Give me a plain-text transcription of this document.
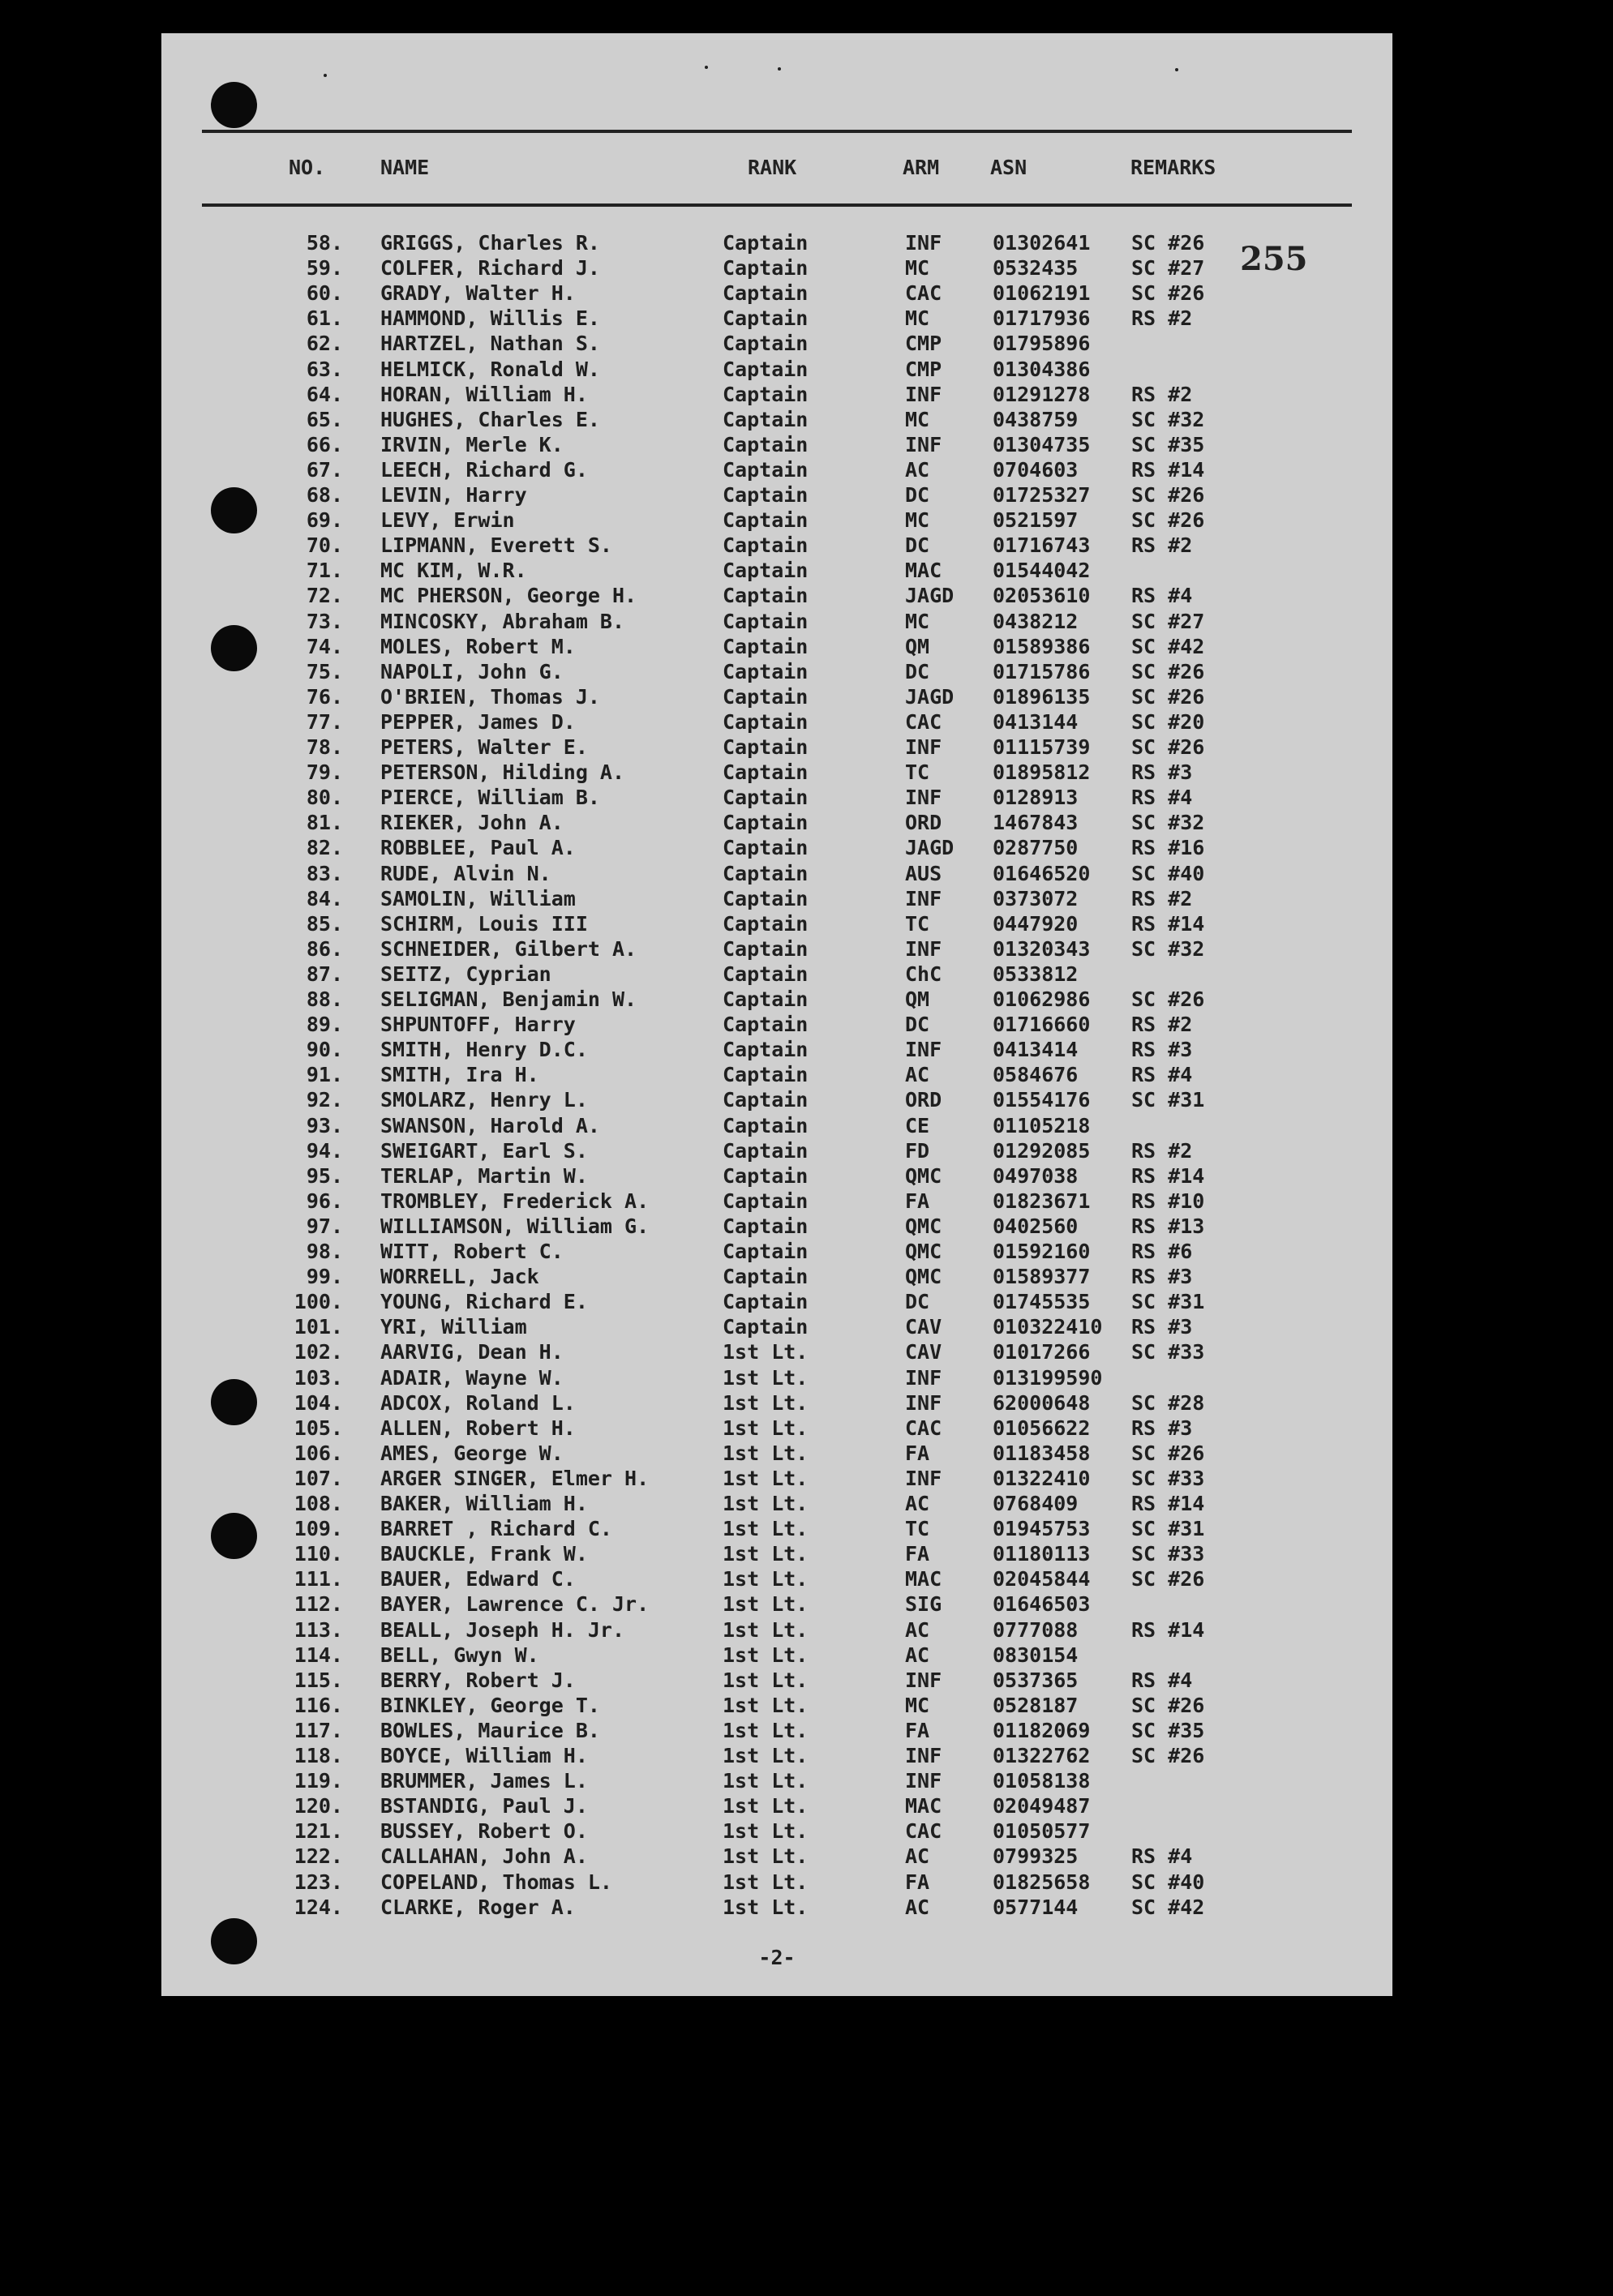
NO.	NAME	RANK	ARM	ASN	REMARKS
255
58. GRIGGS, Charles R.	Captain	INF	01302641 SC #26
59. COLFER, Richard J.	Captain	MC	0532435	SC #27
60. GRADY, Walter H.	Captain	CAC	01062191 SC #26
61. HAMMOND, Willis E.	Captain	MC	01717936 RS #2
62. HARTZEL, Nathan S.	Captain	CMP	01795896
63. HELMICK, Ronald W.	Captain	CMP	01304386
64. HORAN, William H.	Captain	INF	01291278 RS #2
65. HUGHES, Charles E.	Captain	MC	0438759	SC #32
66. IRVIN, Merle K.	Captain	INF	01304735 SC #35
67. LEECH, Richard G.	Captain	AC	0704603	RS #14
68. LEVIN, Harry	Captain	DC	01725327 SC #26
69. LEVY, Erwin	Captain	MC	0521597	SC #26
70. LIPMANN, Everett S.	Captain	DC	01716743 RS #2
71. MC KIM, W.R.	Captain	MAC	01544042
72. MC PHERSON, George H.	Captain	JAGD 02053610 RS #4
73. MINCOSKY, Abraham B.	Captain	MC	0438212	SC #27
74. MOLES, Robert M.	Captain	QM	01589386 SC #42
75. NAPOLI, John G.	Captain	DC	01715786 SC #26
76. O'BRIEN, Thomas J.	Captain	JAGD 01896135 SC #26
77. PEPPER, James D.	Captain	CAC	0413144	SC #20
78. PETERS, Walter E.	Captain	INF	01115739 SC #26
79. PETERSON, Hilding A.	Captain	TC	01895812 RS #3
80. PIERCE, William B.	Captain	INF	0128913	RS #4
81. RIEKER, John A.	Captain	ORD	1467843	SC #32
82. ROBBLEE, Paul A.	Captain	JAGD 0287750	RS #16
83. RUDE, Alvin N.	Captain	AUS	01646520 SC #40
84. SAMOLIN, William	Captain	INF	0373072	RS #2
85. SCHIRM, Louis III	Captain	TC	0447920	RS #14
86. SCHNEIDER, Gilbert A.	Captain	INF	01320343 SC #32
87. SEITZ, Cyprian	Captain	ChC	0533812
88. SELIGMAN, Benjamin W.	Captain	QM	01062986 SC #26
89. SHPUNTOFF, Harry	Captain	DC	01716660 RS #2
90. SMITH, Henry D.C.	Captain	INF	0413414	RS #3
91. SMITH, Ira H.	Captain	AC	0584676	RS #4
92. SMOLARZ, Henry L.	Captain	ORD	01554176 SC #31
93. SWANSON, Harold A.	Captain	CE	01105218
94. SWEIGART, Earl S.	Captain	FD	01292085 RS #2
95. TERLAP, Martin W.	Captain	QMC	0497038	RS #14
96. TROMBLEY, Frederick A.	Captain	FA	01823671 RS #10
97. WILLIAMSON, William G.	Captain	QMC	0402560	RS #13
98. WITT, Robert C.	Captain	QMC	01592160 RS #6
99. WORRELL, Jack	Captain	QMC	01589377 RS #3
100. YOUNG, Richard E.	Captain	DC	01745535 SC #31
101. YRI, William	Captain	CAV	010322410 RS #3
102. AARVIG, Dean H.	1st Lt.	CAV	01017266 SC #33
103. ADAIR, Wayne W.	1st Lt.	INF	013199590
104. ADCOX, Roland L.	1st Lt.	INF	62000648 SC #28
105. ALLEN, Robert H.	1st Lt.	CAC	01056622 RS #3
106. AMES, George W.	1st Lt.	FA	01183458 SC #26
107. ARGER SINGER, Elmer H.	1st Lt.	INF	01322410 SC #33
108. BAKER, William H.	1st Lt.	AC	0768409	RS #14
109. BARRET , Richard C.	1st Lt.	TC	01945753 SC #31
110. BAUCKLE, Frank W.	1st Lt.	FA	01180113 SC #33
111. BAUER, Edward C.	1st Lt.	MAC	02045844 SC #26
112. BAYER, Lawrence C. Jr.	1st Lt.	SIG	01646503
113. BEALL, Joseph H. Jr.	1st Lt.	AC	0777088	RS #14
114. BELL, Gwyn W.	1st Lt.	AC	0830154
115. BERRY, Robert J.	1st Lt.	INF	0537365	RS #4
116. BINKLEY, George T.	1st Lt.	MC	0528187	SC #26
117. BOWLES, Maurice B.	1st Lt.	FA	01182069 SC #35
118. BOYCE, William H.	1st Lt.	INF	01322762 SC #26
119. BRUMMER, James L.	1st Lt.	INF	01058138
120. BSTANDIG, Paul J.	1st Lt.	MAC	02049487
121. BUSSEY, Robert O.	1st Lt.	CAC	01050577
122. CALLAHAN, John A.	1st Lt.	AC	0799325	RS #4
123. COPELAND, Thomas L.	1st Lt.	FA	01825658 SC #40
124. CLARKE, Roger A.	1st Lt.	AC	0577144	SC #42
-2-
